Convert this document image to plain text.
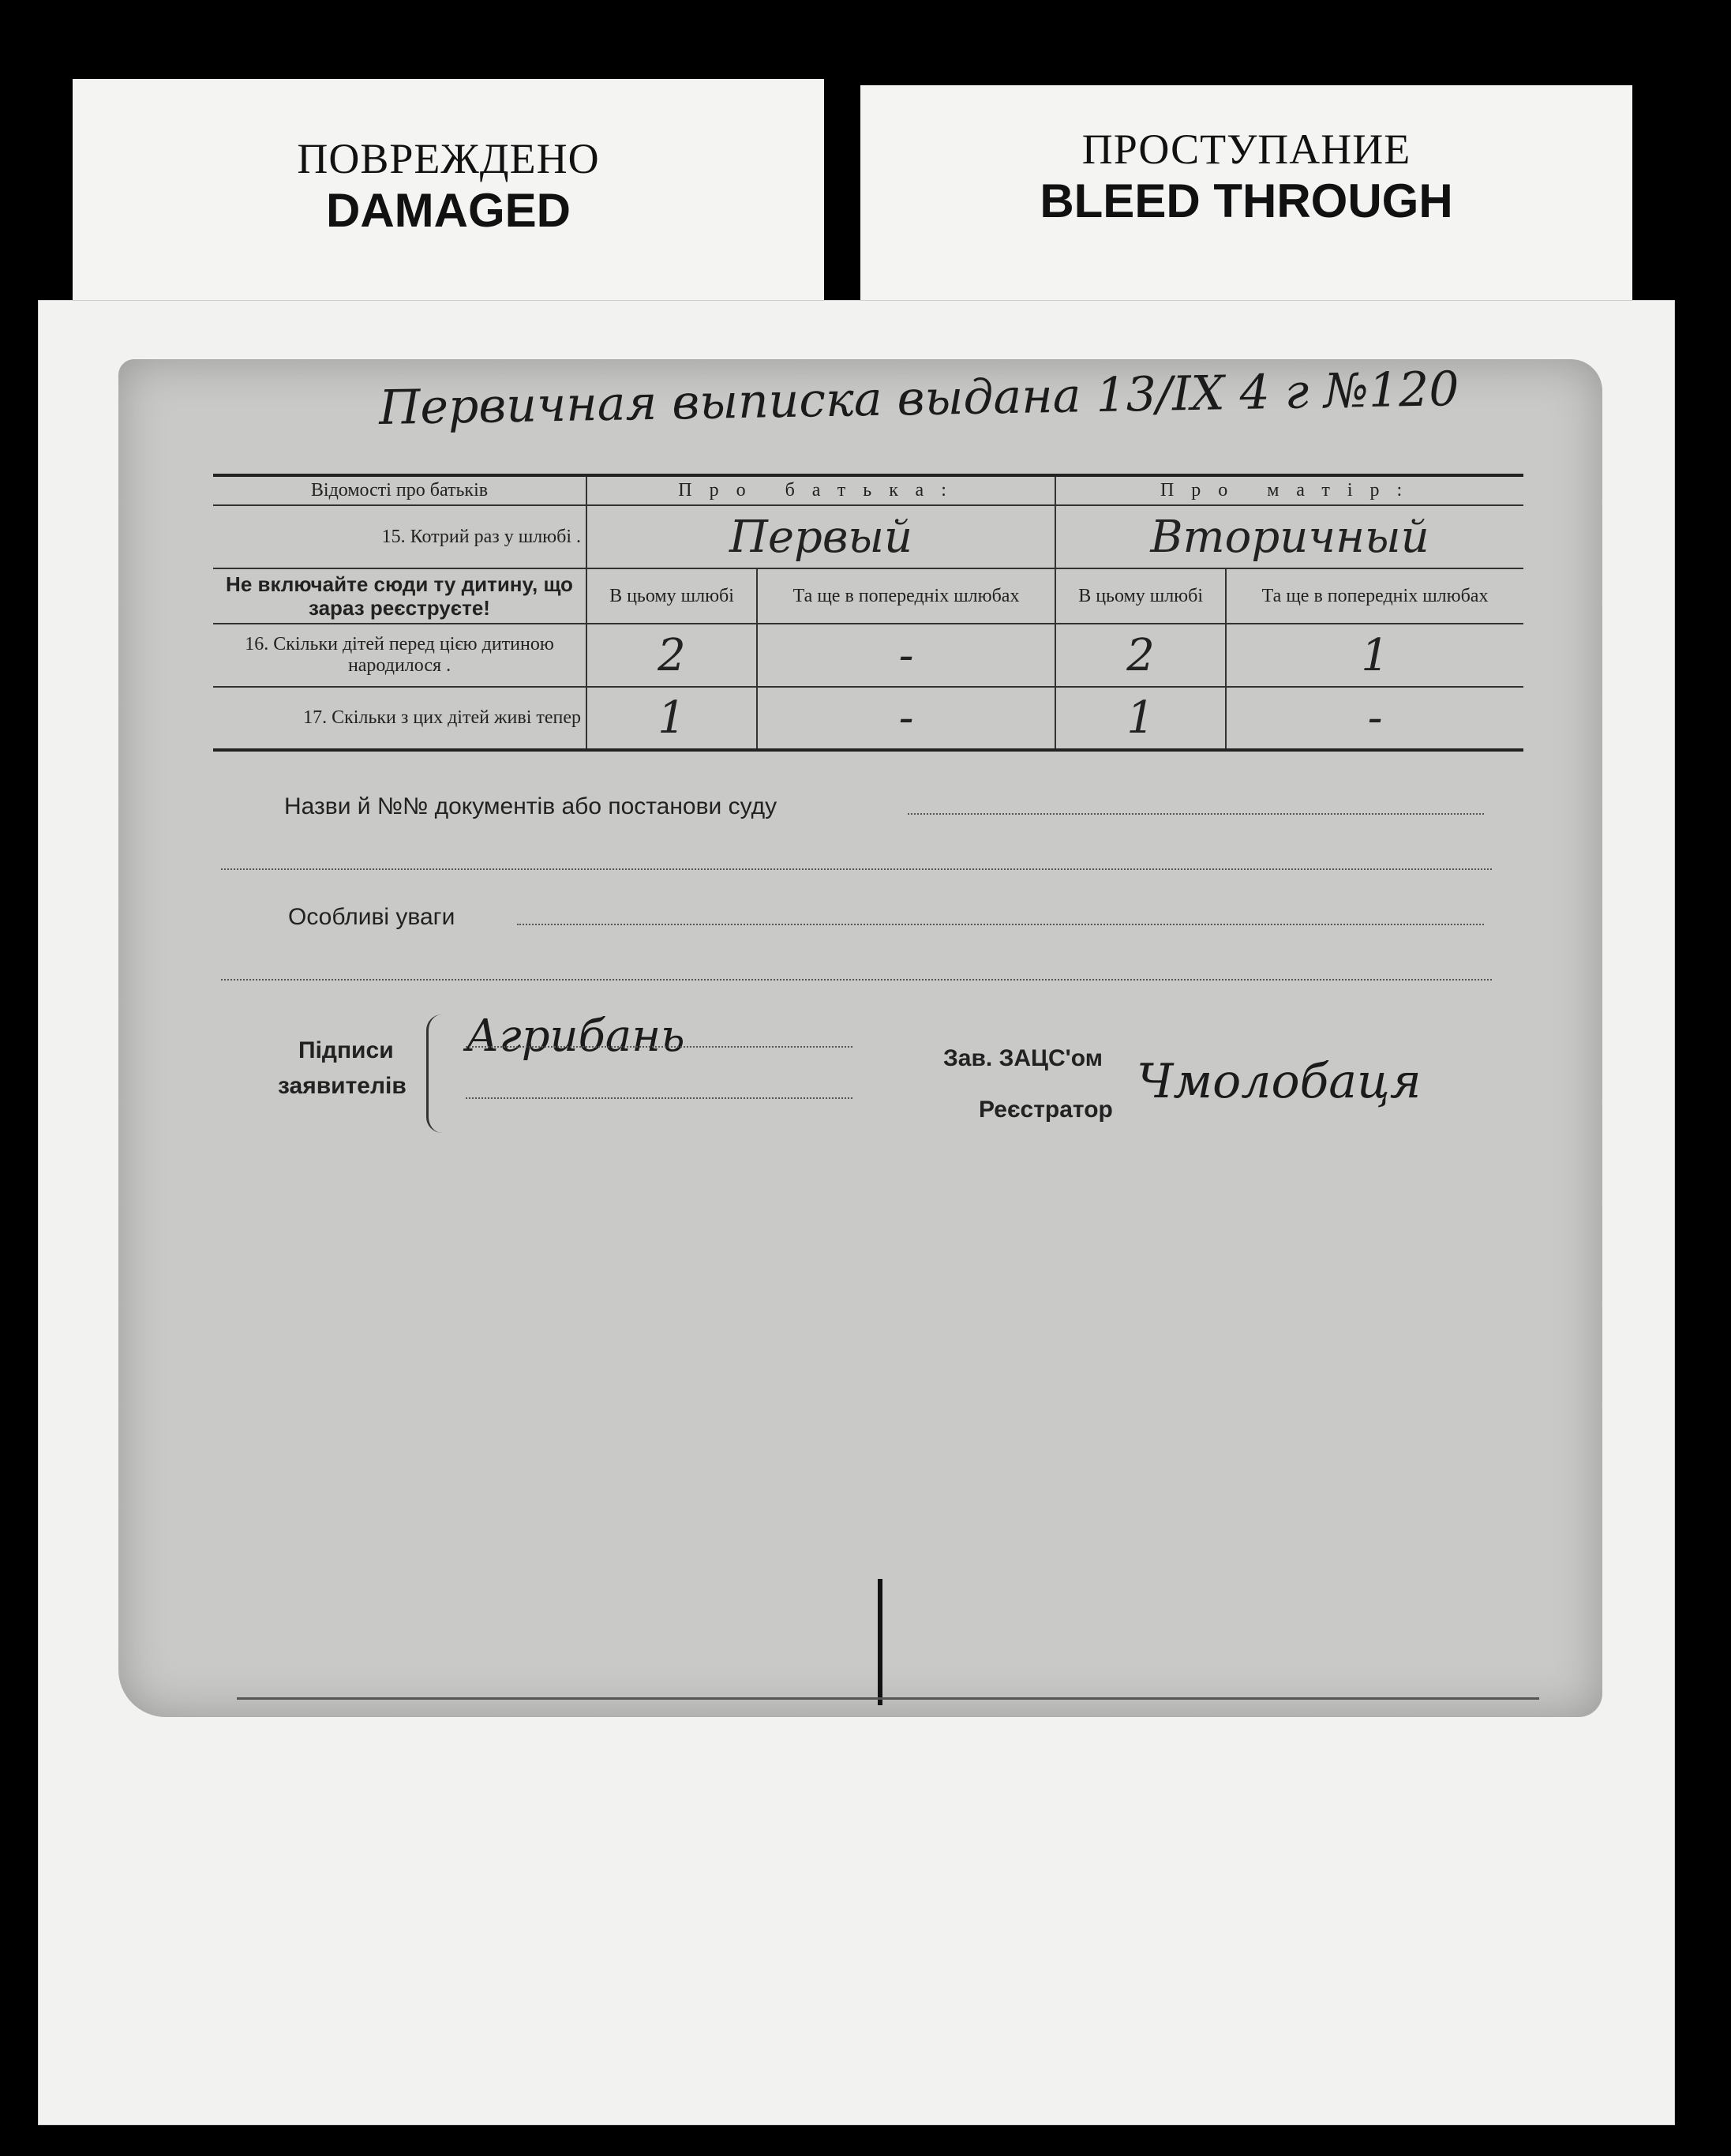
ПОВРЕЖДЕНО
DAMAGED
ПРОСТУПАНИЕ
BLEED THROUGH
Первичная выписка выдана 13/IX 4 г №120
Відомості про батьків	Про батька:		Про матір:	
15. Котрий раз у шлюбі .	Первый		Вторичный	
Не включайте сюди ту дитину, що зараз реєструєте!	В цьому шлюбі	Та ще в попередніх шлюбах	В цьому шлюбі	Та ще в попередніх шлюбах
16. Скільки дітей перед цією дитиною народилося .	2	-	2	1
17. Скільки з цих дітей живі тепер	1	-	1	-
Назви й №№ документів або постанови суду
Особливі уваги
Підписи
заявителів
Агрибань	Зав. ЗАЦС'ом
Реєстратор
Чмолобаця
